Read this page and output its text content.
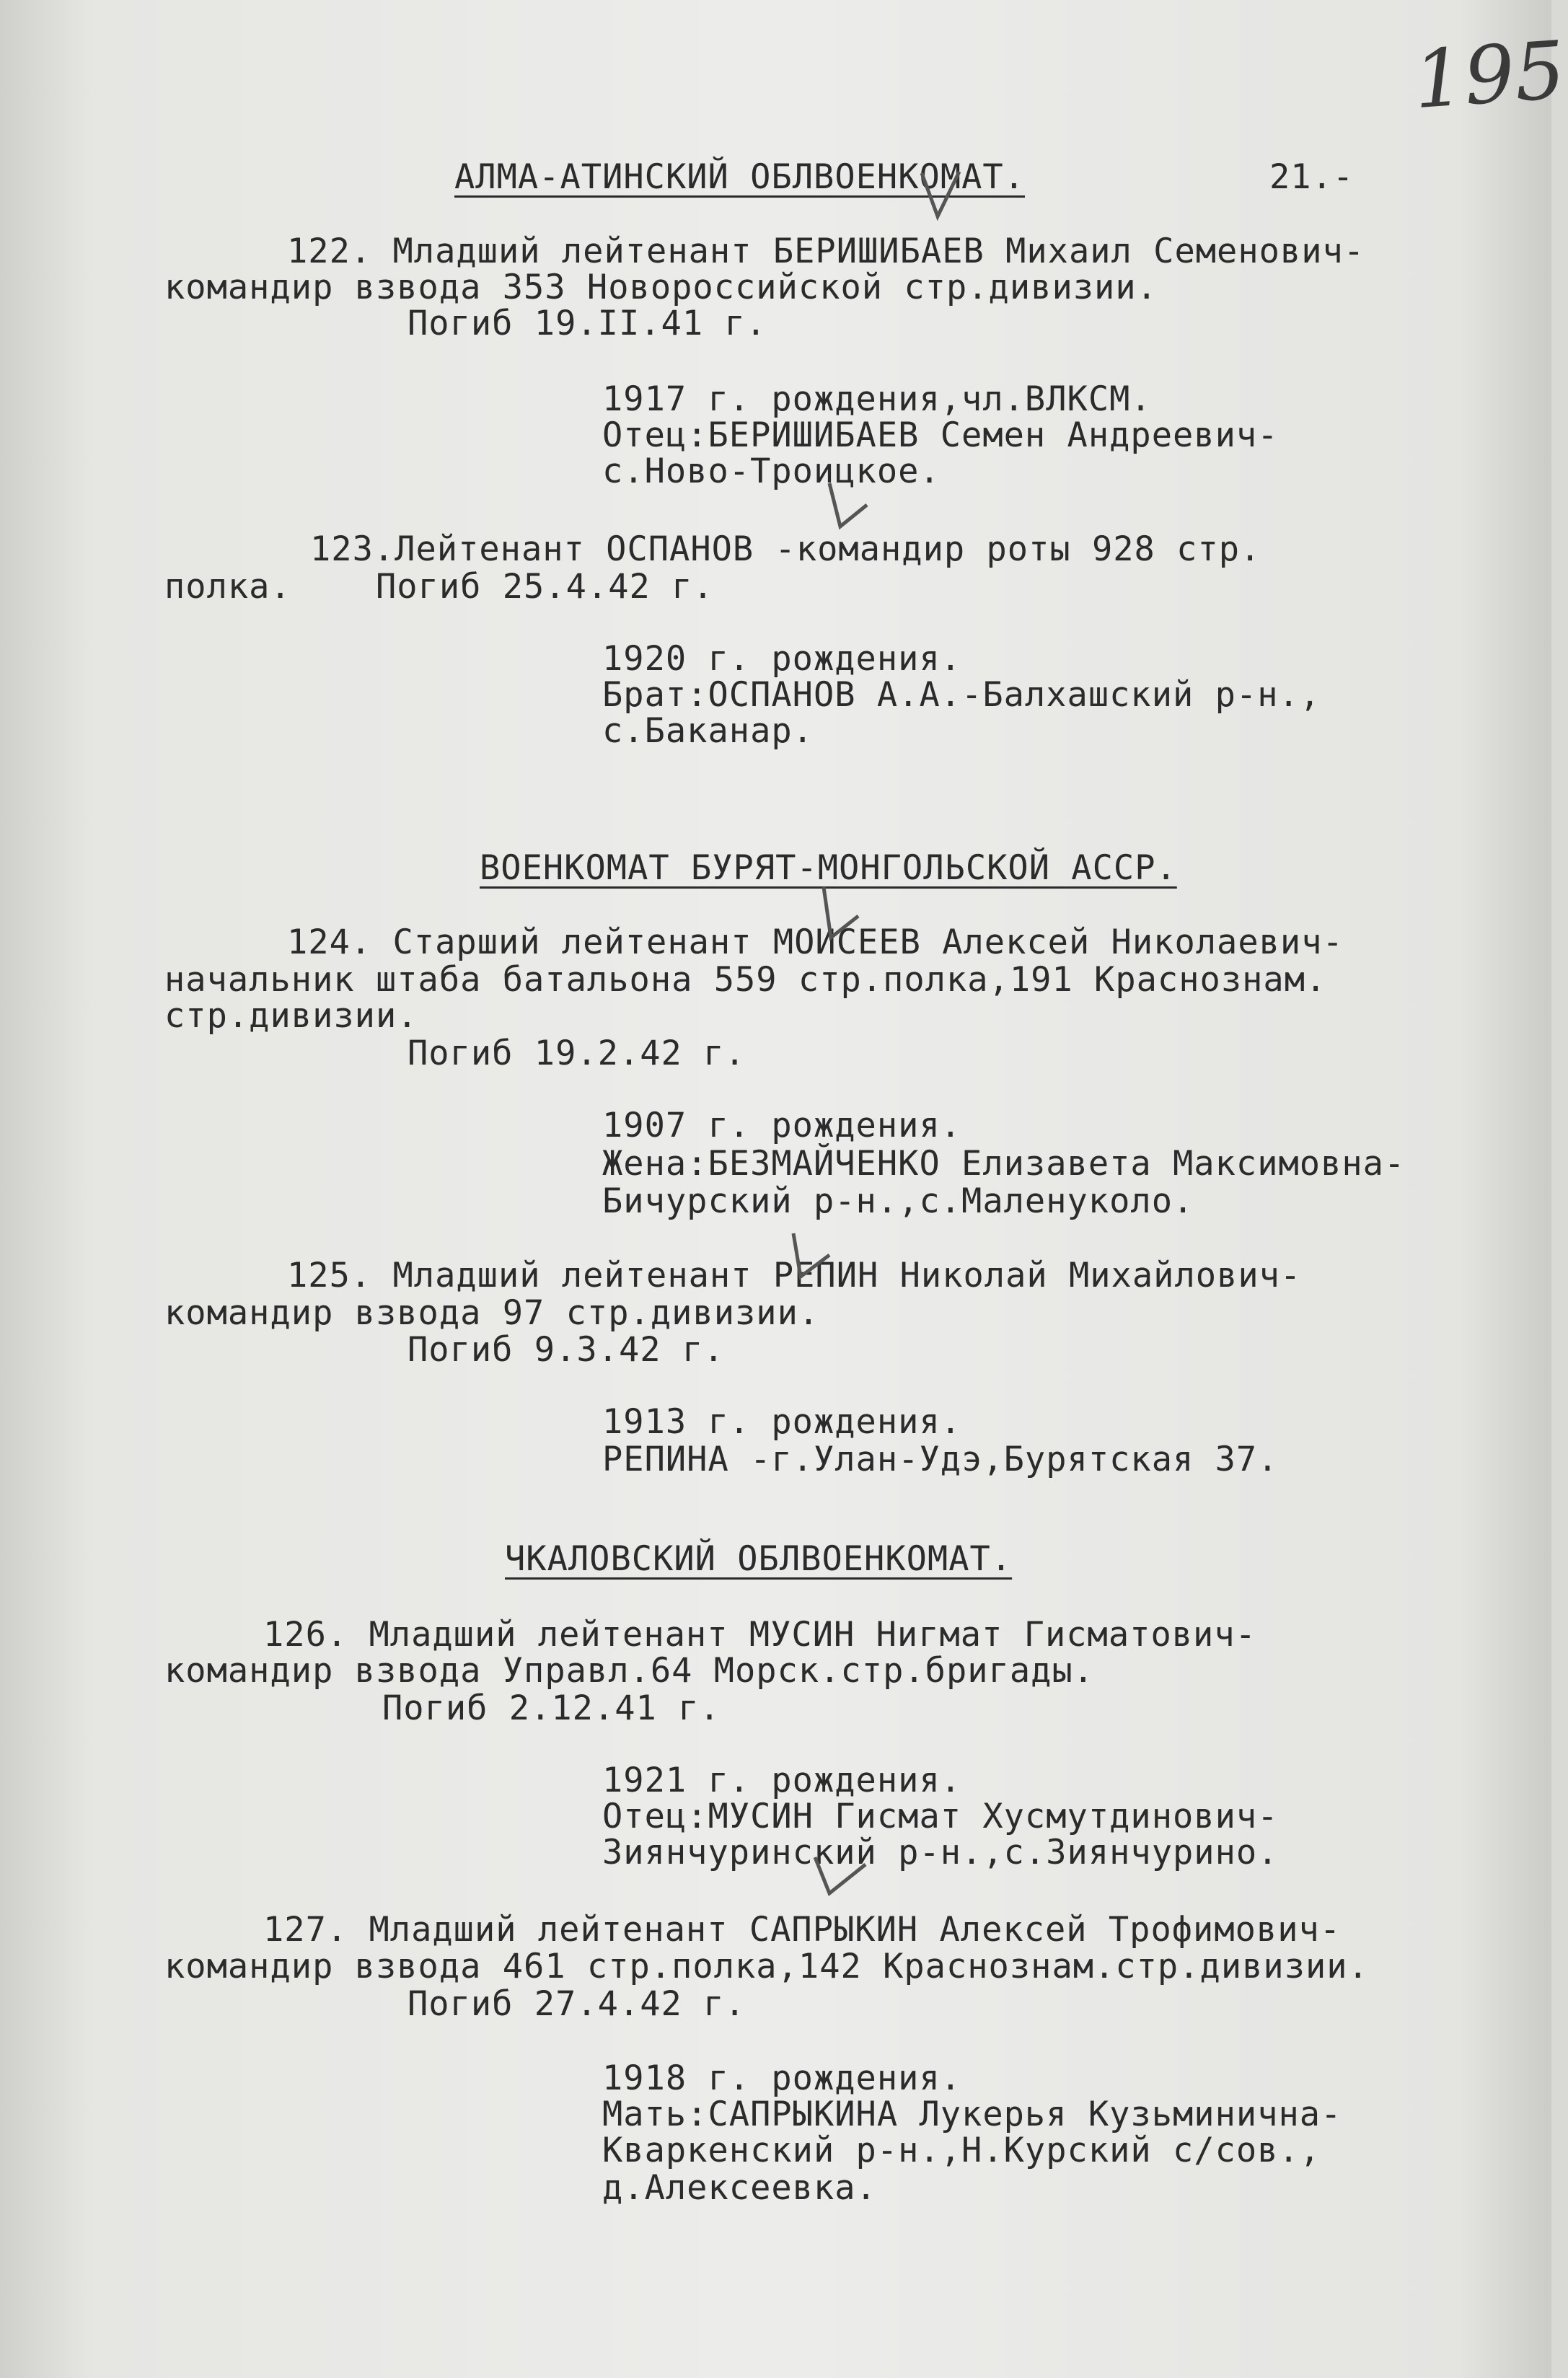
195
АЛМА-АТИНСКИЙ ОБЛВОЕНКОМАТ.	21.-
122. Младший лейтенант БЕРИШИБАЕВ Михаил Семенович-
командир взвода 353 Новороссийской стр.дивизии.
Погиб 19.II.41 г.
1917 г. рождения,чл.ВЛКСМ.
Отец:БЕРИШИБАЕВ Семен Андреевич-
с.Ново-Троицкое.
123.Лейтенант ОСПАНОВ -командир роты 928 стр.
полка.    Погиб 25.4.42 г.
1920 г. рождения.
Брат:ОСПАНОВ А.А.-Балхашский р-н.,
с.Баканар.
ВОЕНКОМАТ БУРЯТ-МОНГОЛЬСКОЙ АССР.
124. Старший лейтенант МОИСЕЕВ Алексей Николаевич-
начальник штаба батальона 559 стр.полка,191 Краснознам.
стр.дивизии.
Погиб 19.2.42 г.
1907 г. рождения.
Жена:БЕЗМАЙЧЕНКО Елизавета Максимовна-
Бичурский р-н.,с.Маленуколо.
125. Младший лейтенант РЕПИН Николай Михайлович-
командир взвода 97 стр.дивизии.
Погиб 9.3.42 г.
1913 г. рождения.
РЕПИНА -г.Улан-Удэ,Бурятская 37.
ЧКАЛОВСКИЙ ОБЛВОЕНКОМАТ.
126. Младший лейтенант МУСИН Нигмат Гисматович-
командир взвода Управл.64 Морск.стр.бригады.
Погиб 2.12.41 г.
1921 г. рождения.
Отец:МУСИН Гисмат Хусмутдинович-
Зиянчуринский р-н.,с.Зиянчурино.
127. Младший лейтенант САПРЫКИН Алексей Трофимович-
командир взвода 461 стр.полка,142 Краснознам.стр.дивизии.
Погиб 27.4.42 г.
1918 г. рождения.
Мать:САПРЫКИНА Лукерья Кузьминична-
Кваркенский р-н.,Н.Курский с/сов.,
д.Алексеевка.
